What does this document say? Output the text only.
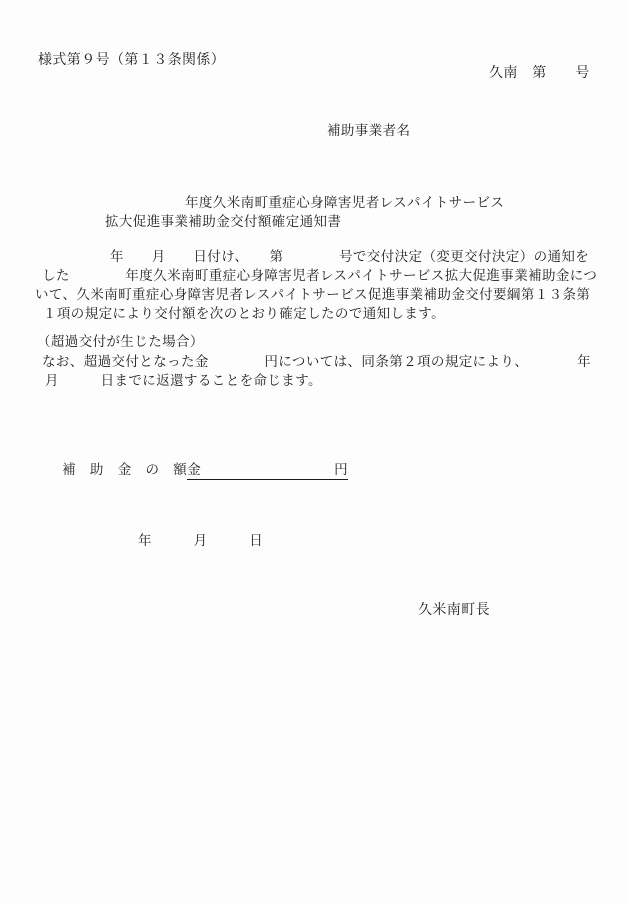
様式第９号（第１３条関係）
久南　第　　号
補助事業者名
年度久米南町重症心身障害児者レスパイトサービス
拡大促進事業補助金交付額確定通知書
年　　月　　日付け、　　第　　　　号で交付決定（変更交付決定）の通知を
した　　　　年度久米南町重症心身障害児者レスパイトサービス拡大促進事業補助金につ
いて、久米南町重症心身障害児者レスパイトサービス促進事業補助金交付要綱第１３条第
１項の規定により交付額を次のとおり確定したので通知します。
（超過交付が生じた場合）
なお、超過交付となった金　　　　円については、同条第２項の規定により、　　　　年
月　　　日までに返還することを命じます。

補　助　金　の　額金	円

年　　　月　　　日
久米南町長
